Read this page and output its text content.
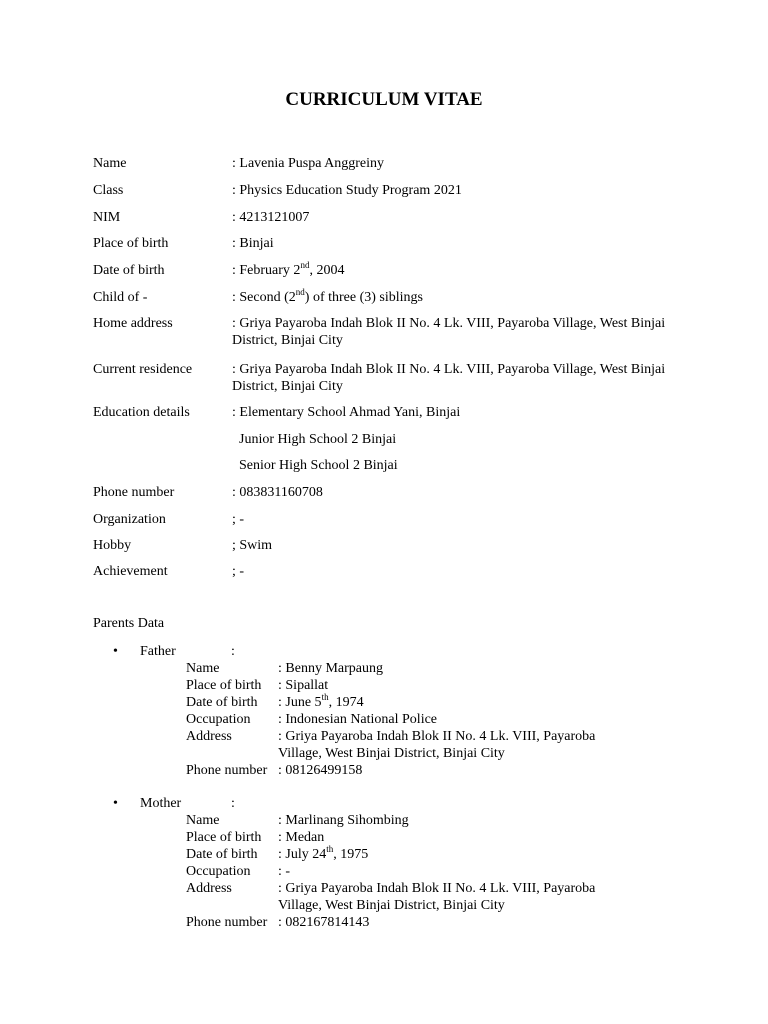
CURRICULUM VITAE
Name	: Lavenia Puspa Anggreiny
Class	: Physics Education Study Program 2021
NIM	: 4213121007
Place of birth	: Binjai
Date of birth	: February 2nd, 2004
Child of -	: Second (2nd) of three (3) siblings
Home address	: Griya Payaroba Indah Blok II No. 4 Lk. VIII, Payaroba Village, West Binjai District, Binjai City
Current residence	: Griya Payaroba Indah Blok II No. 4 Lk. VIII, Payaroba Village, West Binjai District, Binjai City
Education details	: Elementary School Ahmad Yani, Binjai
Junior High School 2 Binjai
Senior High School 2 Binjai
Phone number	: 083831160708
Organization	; -
Hobby	; Swim
Achievement	; -
Parents Data
• Father	:
Name	: Benny Marpaung
Place of birth : Sipallat
Date of birth : June 5th, 1974
Occupation : Indonesian National Police
Address	: Griya Payaroba Indah Blok II No. 4 Lk. VIII, Payaroba Village, West Binjai District, Binjai City
Phone number : 08126499158
• Mother	:
Name	: Marlinang Sihombing
Place of birth : Medan
Date of birth : July 24th, 1975
Occupation : -
Address	: Griya Payaroba Indah Blok II No. 4 Lk. VIII, Payaroba Village, West Binjai District, Binjai City
Phone number : 082167814143
